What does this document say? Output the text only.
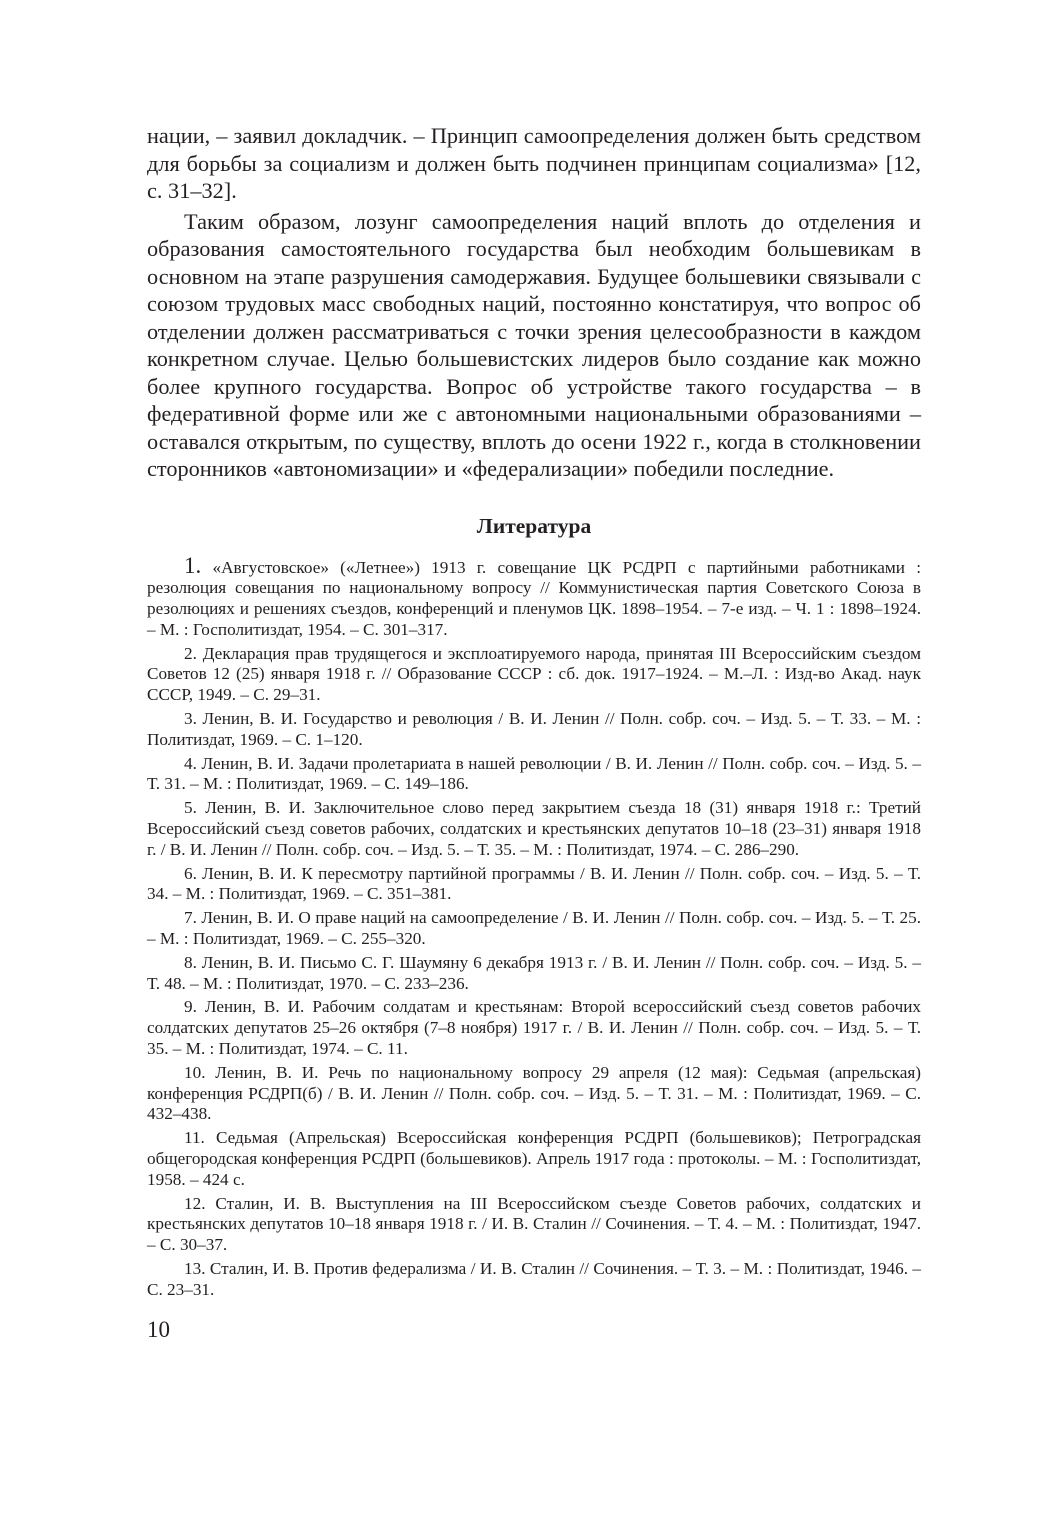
нации, – заявил докладчик. – Принцип самоопределения должен быть средством для борьбы за социализм и должен быть подчинен принципам социализма» [12, с. 31–32].

Таким образом, лозунг самоопределения наций вплоть до отделения и образования самостоятельного государства был необходим большевикам в основном на этапе разрушения самодержавия. Будущее большевики связывали с союзом трудовых масс свободных наций, постоянно констатируя, что вопрос об отделении должен рассматриваться с точки зрения целесообразности в каждом конкретном случае. Целью большевистских лидеров было создание как можно более крупного государства. Вопрос об устройстве такого государства – в федеративной форме или же с автономными национальными образованиями – оставался открытым, по существу, вплоть до осени 1922 г., когда в столкновении сторонников «автономизации» и «федерализации» победили последние.

Литература

1. «Августовское» («Летнее») 1913 г. совещание ЦК РСДРП с партийными работниками : резолюция совещания по национальному вопросу // Коммунистическая партия Советского Союза в резолюциях и решениях съездов, конференций и пленумов ЦК. 1898–1954. – 7-е изд. – Ч. 1 : 1898–1924. – М. : Госполитиздат, 1954. – С. 301–317.

2. Декларация прав трудящегося и эксплоатируемого народа, принятая III Всероссийским съездом Советов 12 (25) января 1918 г. // Образование СССР : сб. док. 1917–1924. – М.–Л. : Изд-во Акад. наук СССР, 1949. – С. 29–31.

3. Ленин, В. И. Государство и революция / В. И. Ленин // Полн. собр. соч. – Изд. 5. – Т. 33. – М. : Политиздат, 1969. – С. 1–120.

4. Ленин, В. И. Задачи пролетариата в нашей революции / В. И. Ленин // Полн. собр. соч. – Изд. 5. – Т. 31. – М. : Политиздат, 1969. – С. 149–186.

5. Ленин, В. И. Заключительное слово перед закрытием съезда 18 (31) января 1918 г.: Третий Всероссийский съезд советов рабочих, солдатских и крестьянских депутатов 10–18 (23–31) января 1918 г. / В. И. Ленин // Полн. собр. соч. – Изд. 5. – Т. 35. – М. : Политиздат, 1974. – С. 286–290.

6. Ленин, В. И. К пересмотру партийной программы / В. И. Ленин // Полн. собр. соч. – Изд. 5. – Т. 34. – М. : Политиздат, 1969. – С. 351–381.

7. Ленин, В. И. О праве наций на самоопределение / В. И. Ленин // Полн. собр. соч. – Изд. 5. – Т. 25. – М. : Политиздат, 1969. – С. 255–320.

8. Ленин, В. И. Письмо С. Г. Шаумяну 6 декабря 1913 г. / В. И. Ленин // Полн. собр. соч. – Изд. 5. – Т. 48. – М. : Политиздат, 1970. – С. 233–236.

9. Ленин, В. И. Рабочим солдатам и крестьянам: Второй всероссийский съезд советов рабочих солдатских депутатов 25–26 октября (7–8 ноября) 1917 г. / В. И. Ленин // Полн. собр. соч. – Изд. 5. – Т. 35. – М. : Политиздат, 1974. – С. 11.

10. Ленин, В. И. Речь по национальному вопросу 29 апреля (12 мая): Седьмая (апрельская) конференция РСДРП(б) / В. И. Ленин // Полн. собр. соч. – Изд. 5. – Т. 31. – М. : Политиздат, 1969. – С. 432–438.

11. Седьмая (Апрельская) Всероссийская конференция РСДРП (большевиков); Петроградская общегородская конференция РСДРП (большевиков). Апрель 1917 года : протоколы. – М. : Госполитиздат, 1958. – 424 с.

12. Сталин, И. В. Выступления на III Всероссийском съезде Советов рабочих, солдатских и крестьянских депутатов 10–18 января 1918 г. / И. В. Сталин // Сочинения. – Т. 4. – М. : Политиздат, 1947. – С. 30–37.

13. Сталин, И. В. Против федерализма / И. В. Сталин // Сочинения. – Т. 3. – М. : Политиздат, 1946. – С. 23–31.

10
